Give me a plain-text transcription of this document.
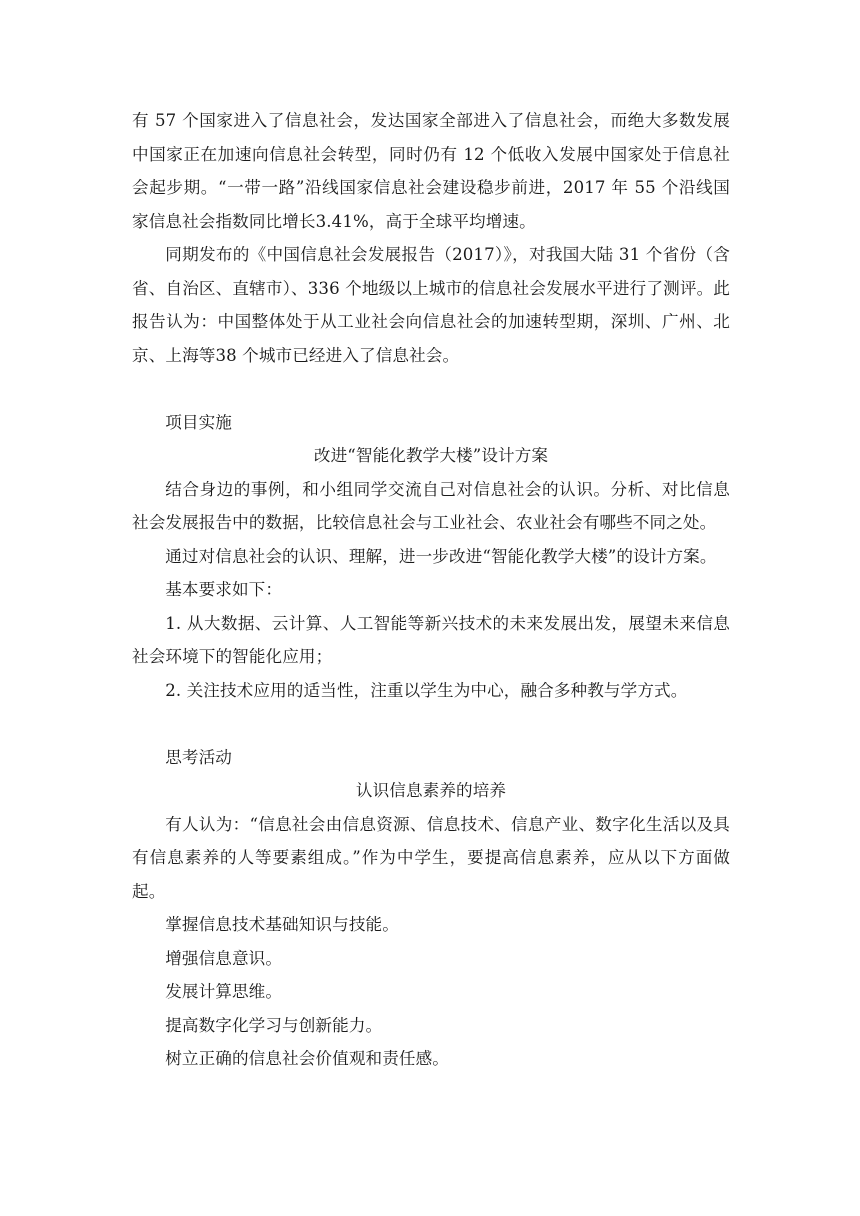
有 57 个国家进入了信息社会，发达国家全部进入了信息社会，而绝大多数发展中国家正在加速向信息社会转型，同时仍有 12 个低收入发展中国家处于信息社会起步期。“一带一路”沿线国家信息社会建设稳步前进，2017 年 55 个沿线国家信息社会指数同比增长3.41%，高于全球平均增速。

同期发布的《中国信息社会发展报告（2017）》，对我国大陆 31 个省份（含省、自治区、直辖市）、336 个地级以上城市的信息社会发展水平进行了测评。此报告认为：中国整体处于从工业社会向信息社会的加速转型期，深圳、广州、北京、上海等38 个城市已经进入了信息社会。

项目实施

改进“智能化教学大楼”设计方案

结合身边的事例，和小组同学交流自己对信息社会的认识。分析、对比信息社会发展报告中的数据，比较信息社会与工业社会、农业社会有哪些不同之处。

通过对信息社会的认识、理解，进一步改进“智能化教学大楼”的设计方案。

基本要求如下：

1. 从大数据、云计算、人工智能等新兴技术的未来发展出发，展望未来信息社会环境下的智能化应用；

2. 关注技术应用的适当性，注重以学生为中心，融合多种教与学方式。

思考活动

认识信息素养的培养

有人认为：“信息社会由信息资源、信息技术、信息产业、数字化生活以及具有信息素养的人等要素组成。”作为中学生，要提高信息素养，应从以下方面做起。

掌握信息技术基础知识与技能。

增强信息意识。

发展计算思维。

提高数字化学习与创新能力。

树立正确的信息社会价值观和责任感。
